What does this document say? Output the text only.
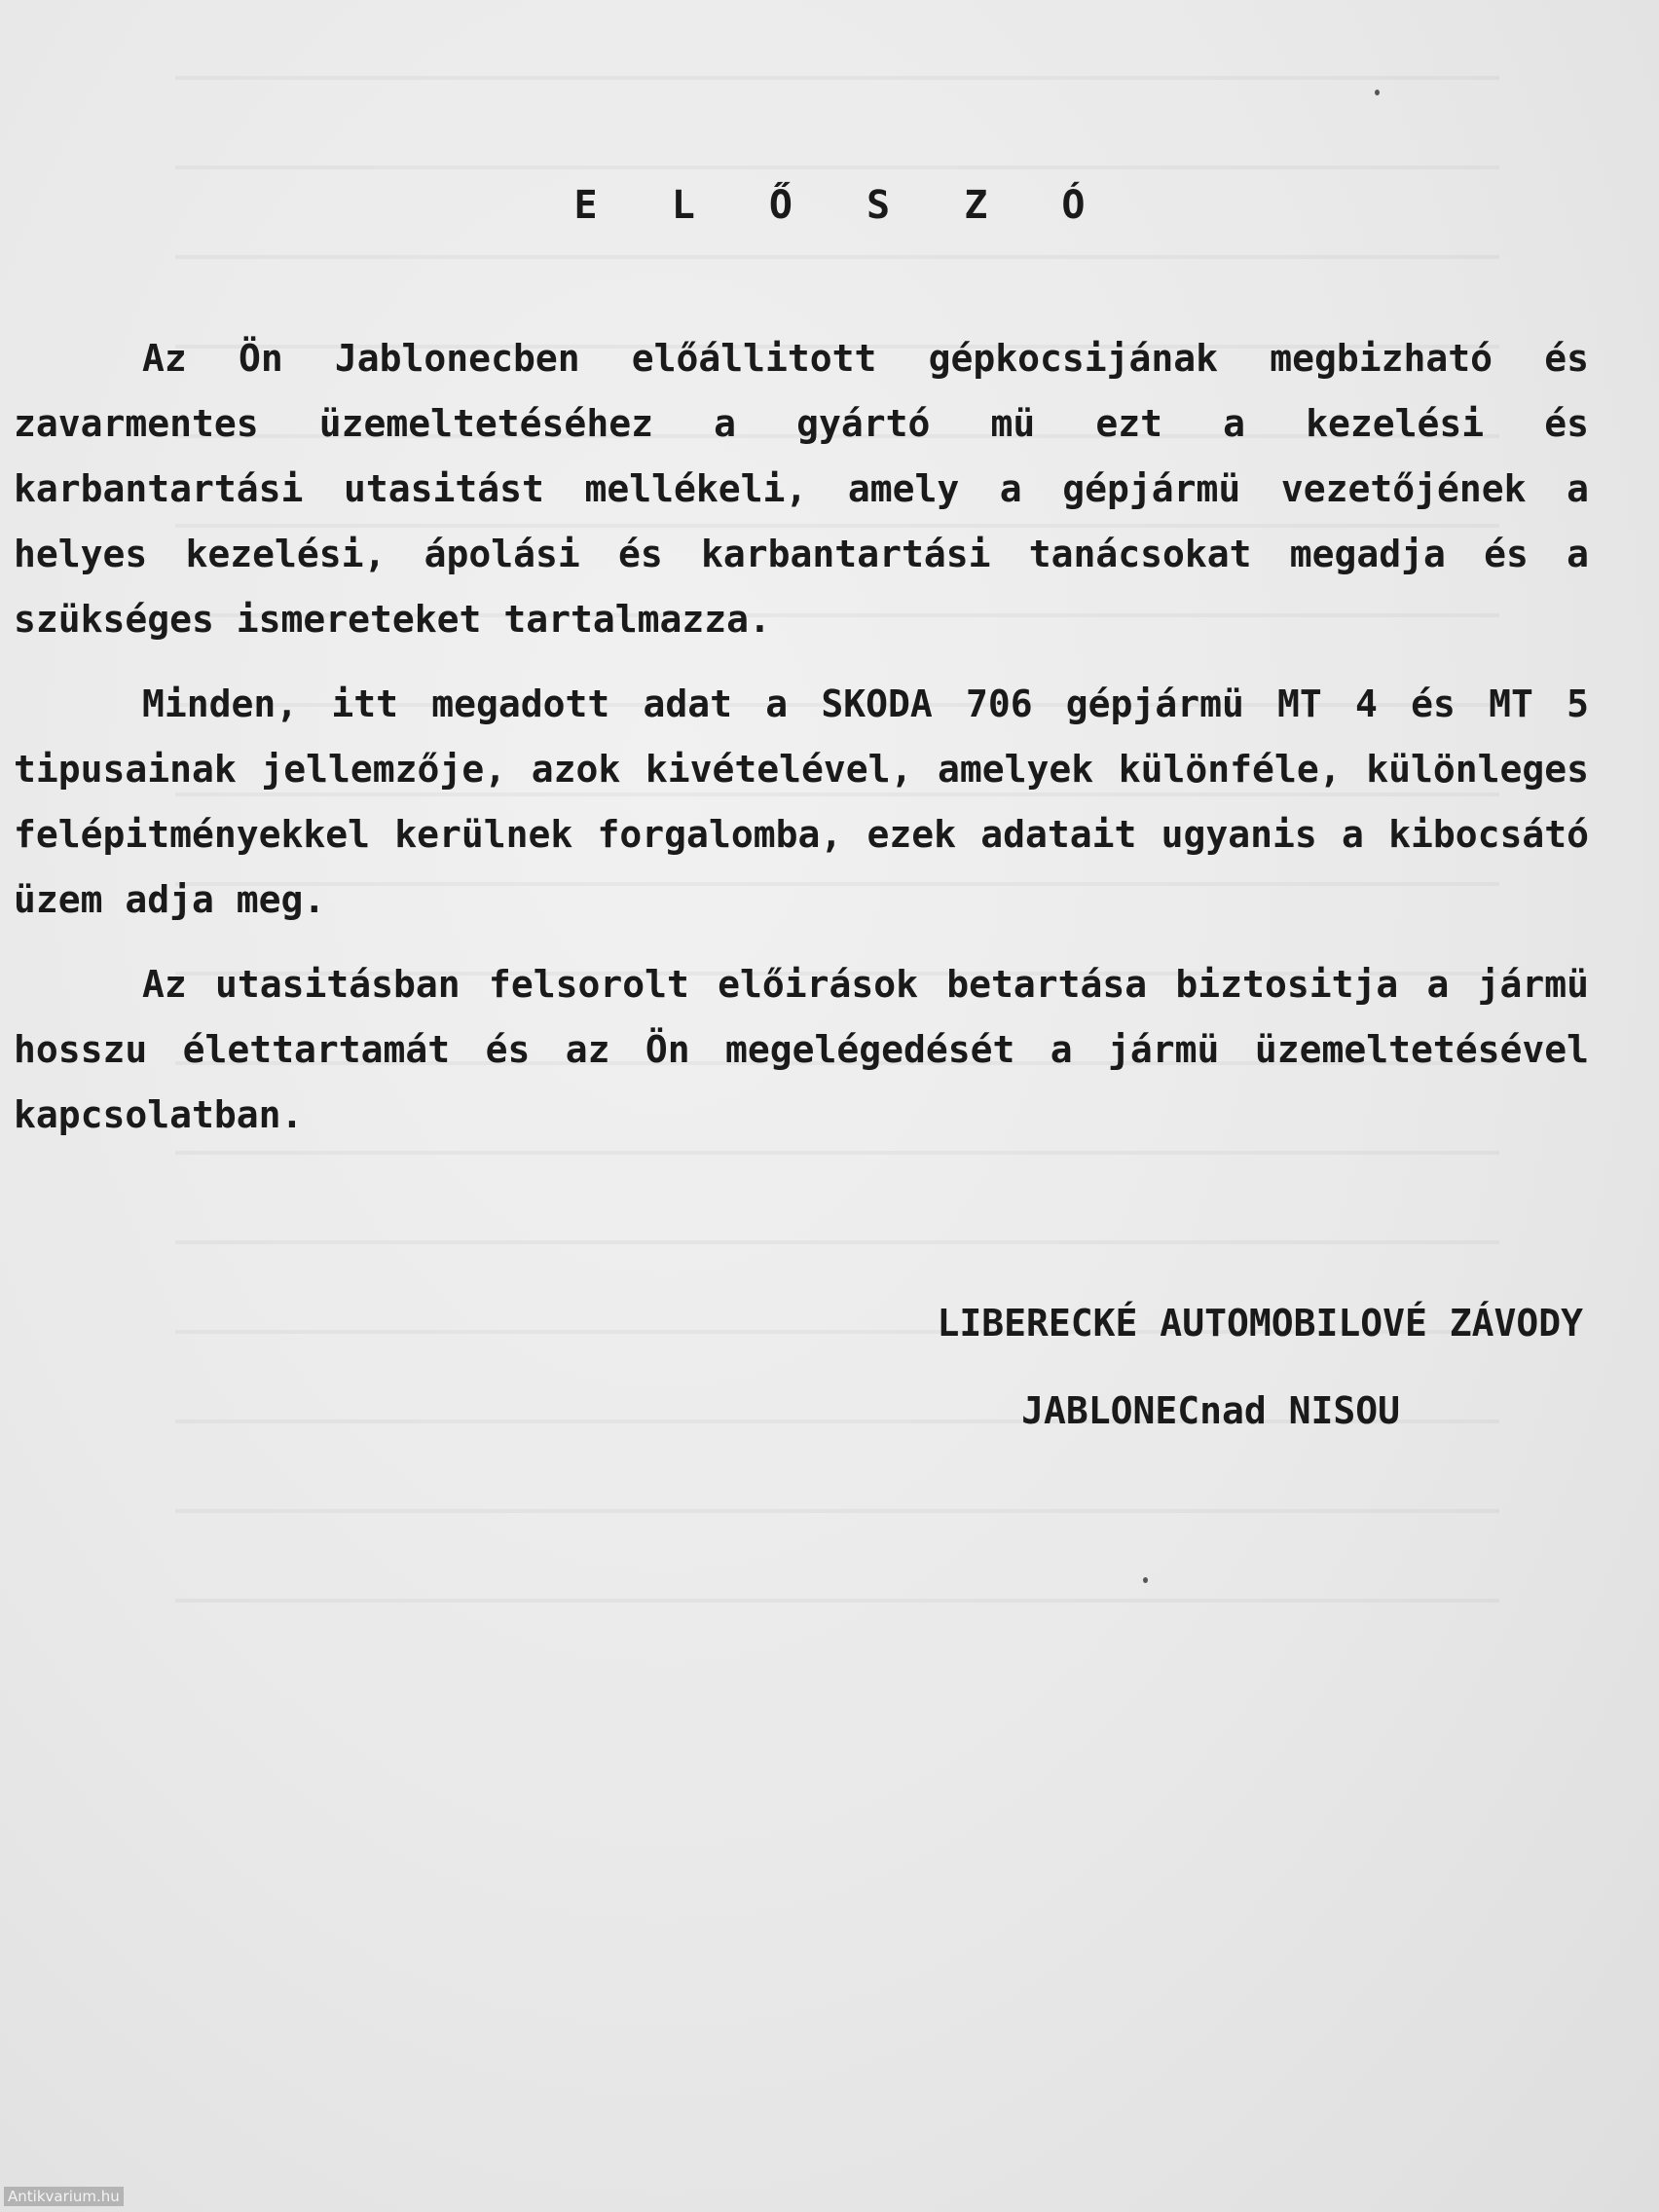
E L Ő S Z Ó

Az Ön Jablonecben előállitott gépkocsijának megbizható és zavarmentes üzemeltetéséhez a gyártó mü ezt a kezelési és karbantartási utasitást mellékeli, amely a gépjármü vezetőjének a helyes kezelési, ápolási és karbantartási tanácsokat megadja és a szükséges ismereteket tartalmazza.

Minden, itt megadott adat a SKODA 706 gépjármü MT 4 és MT 5 tipusainak jellemzője, azok kivételével, amelyek különféle, különleges felépitményekkel kerülnek forgalomba, ezek adatait ugyanis a kibocsátó üzem adja meg.

Az utasitásban felsorolt előirások betartása biztositja a jármü hosszu élettartamát és az Ön megelégedését a jármü üzemeltetésével kapcsolatban.

LIBERECKÉ AUTOMOBILOVÉ ZÁVODY
JABLONECnad NISOU
Antikvarium.hu
